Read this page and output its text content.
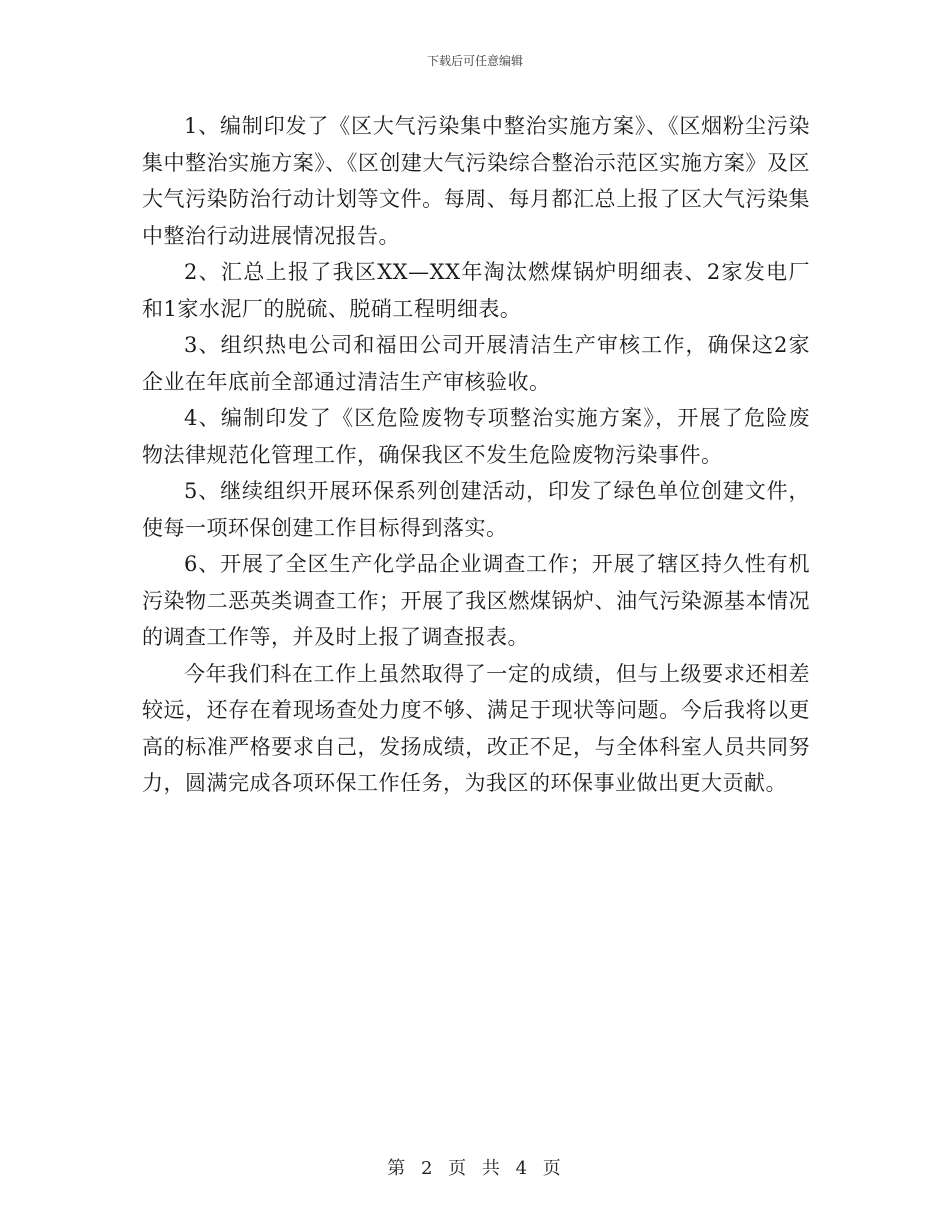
下载后可任意编辑

1、编制印发了《区大气污染集中整治实施方案》、《区烟粉尘污染集中整治实施方案》、《区创建大气污染综合整治示范区实施方案》及区大气污染防治行动计划等文件。每周、每月都汇总上报了区大气污染集中整治行动进展情况报告。

2、汇总上报了我区XX—XX年淘汰燃煤锅炉明细表、2家发电厂和1家水泥厂的脱硫、脱硝工程明细表。

3、组织热电公司和福田公司开展清洁生产审核工作，确保这2家企业在年底前全部通过清洁生产审核验收。

4、编制印发了《区危险废物专项整治实施方案》，开展了危险废物法律规范化管理工作，确保我区不发生危险废物污染事件。

5、继续组织开展环保系列创建活动，印发了绿色单位创建文件，使每一项环保创建工作目标得到落实。

6、开展了全区生产化学品企业调查工作；开展了辖区持久性有机污染物二恶英类调查工作；开展了我区燃煤锅炉、油气污染源基本情况的调查工作等，并及时上报了调查报表。

今年我们科在工作上虽然取得了一定的成绩，但与上级要求还相差较远，还存在着现场查处力度不够、满足于现状等问题。今后我将以更高的标准严格要求自己，发扬成绩，改正不足，与全体科室人员共同努力，圆满完成各项环保工作任务，为我区的环保事业做出更大贡献。

第 2 页 共 4 页
